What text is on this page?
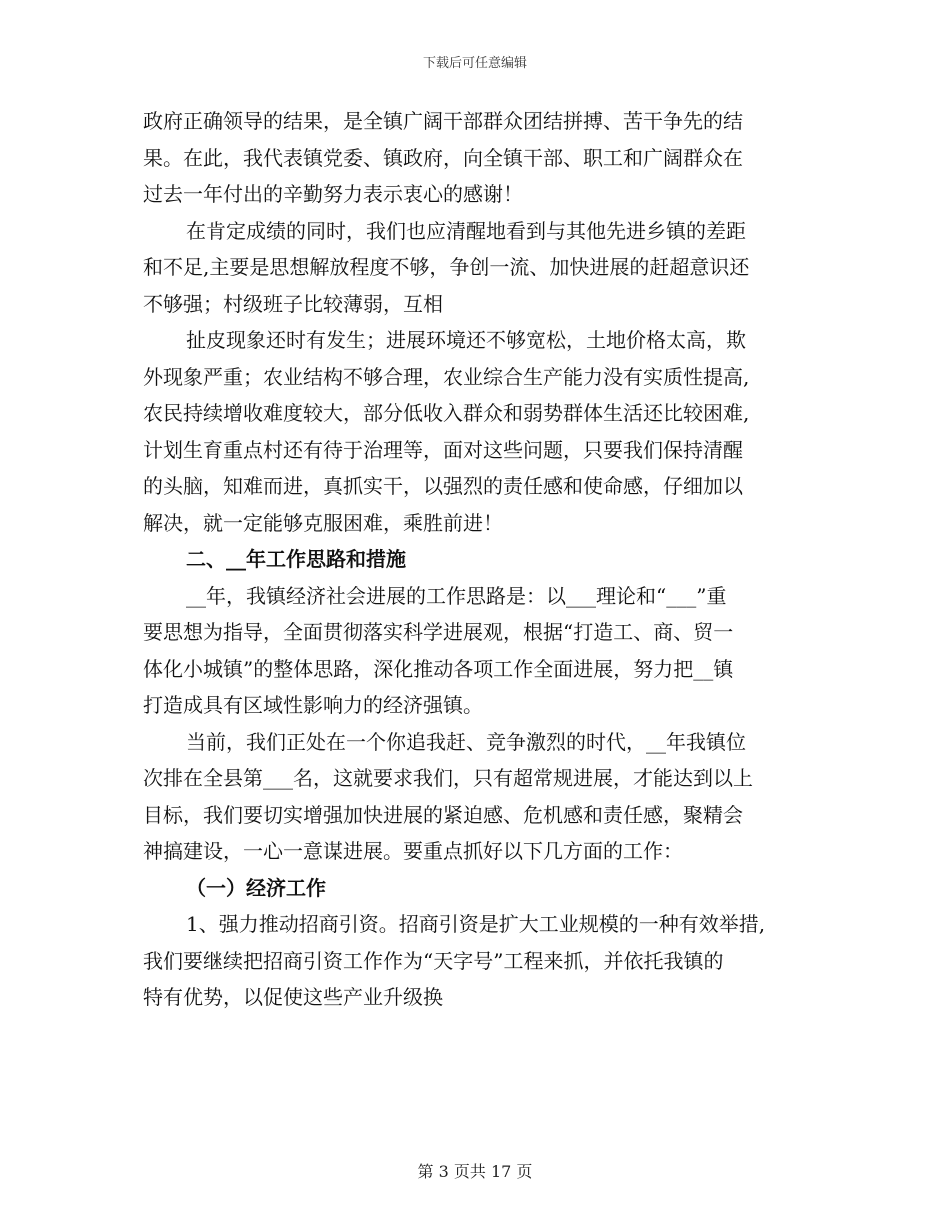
下载后可任意编辑
政府正确领导的结果，是全镇广阔干部群众团结拼搏、苦干争先的结
果。在此，我代表镇党委、镇政府，向全镇干部、职工和广阔群众在
过去一年付出的辛勤努力表示衷心的感谢！
在肯定成绩的同时，我们也应清醒地看到与其他先进乡镇的差距
和不足,主要是思想解放程度不够，争创一流、加快进展的赶超意识还
不够强；村级班子比较薄弱，互相
扯皮现象还时有发生；进展环境还不够宽松，土地价格太高，欺
外现象严重；农业结构不够合理，农业综合生产能力没有实质性提高,
农民持续增收难度较大，部分低收入群众和弱势群体生活还比较困难,
计划生育重点村还有待于治理等，面对这些问题，只要我们保持清醒
的头脑，知难而进，真抓实干，以强烈的责任感和使命感，仔细加以
解决，就一定能够克服困难，乘胜前进！
二、__年工作思路和措施
__年，我镇经济社会进展的工作思路是：以___理论和“___”重
要思想为指导，全面贯彻落实科学进展观，根据“打造工、商、贸一
体化小城镇”的整体思路，深化推动各项工作全面进展，努力把__镇
打造成具有区域性影响力的经济强镇。
当前，我们正处在一个你追我赶、竞争激烈的时代，__年我镇位
次排在全县第___名，这就要求我们，只有超常规进展，才能达到以上
目标，我们要切实增强加快进展的紧迫感、危机感和责任感，聚精会
神搞建设，一心一意谋进展。要重点抓好以下几方面的工作：
（一）经济工作
1、强力推动招商引资。招商引资是扩大工业规模的一种有效举措,
我们要继续把招商引资工作作为“天字号”工程来抓，并依托我镇的
特有优势，以促使这些产业升级换
第 3 页共 17 页
